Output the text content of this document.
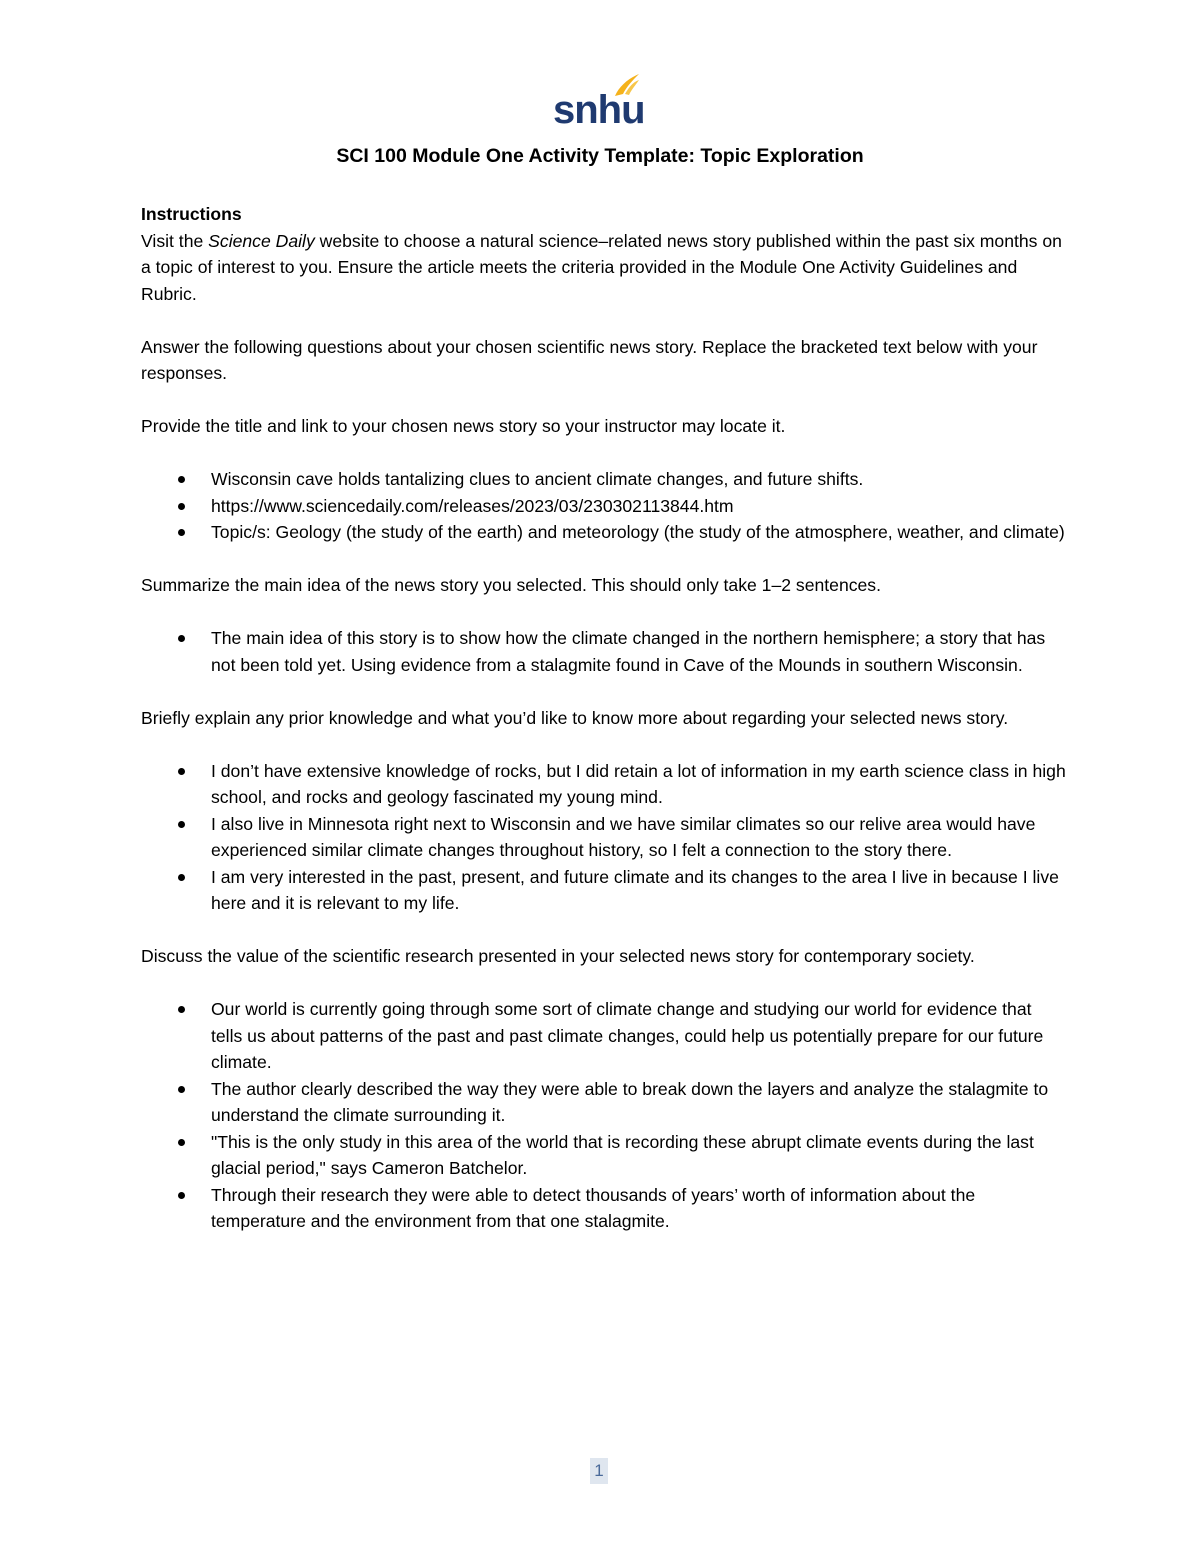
snhu
SCI 100 Module One Activity Template: Topic Exploration

Instructions

Visit the Science Daily website to choose a natural science–related news story published within the past six months on a topic of interest to you. Ensure the article meets the criteria provided in the Module One Activity Guidelines and Rubric.

Answer the following questions about your chosen scientific news story. Replace the bracketed text below with your responses.

Provide the title and link to your chosen news story so your instructor may locate it.

Wisconsin cave holds tantalizing clues to ancient climate changes, and future shifts.
https://www.sciencedaily.com/releases/2023/03/230302113844.htm
Topic/s: Geology (the study of the earth) and meteorology (the study of the atmosphere, weather, and climate)

Summarize the main idea of the news story you selected. This should only take 1–2 sentences.

The main idea of this story is to show how the climate changed in the northern hemisphere; a story that has not been told yet. Using evidence from a stalagmite found in Cave of the Mounds in southern Wisconsin.

Briefly explain any prior knowledge and what you’d like to know more about regarding your selected news story.

I don’t have extensive knowledge of rocks, but I did retain a lot of information in my earth science class in high school, and rocks and geology fascinated my young mind.
I also live in Minnesota right next to Wisconsin and we have similar climates so our relive area would have experienced similar climate changes throughout history, so I felt a connection to the story there.
I am very interested in the past, present, and future climate and its changes to the area I live in because I live here and it is relevant to my life.

Discuss the value of the scientific research presented in your selected news story for contemporary society.

Our world is currently going through some sort of climate change and studying our world for evidence that tells us about patterns of the past and past climate changes, could help us potentially prepare for our future climate.
The author clearly described the way they were able to break down the layers and analyze the stalagmite to understand the climate surrounding it.
"This is the only study in this area of the world that is recording these abrupt climate events during the last glacial period," says Cameron Batchelor.
Through their research they were able to detect thousands of years’ worth of information about the temperature and the environment from that one stalagmite.
1
